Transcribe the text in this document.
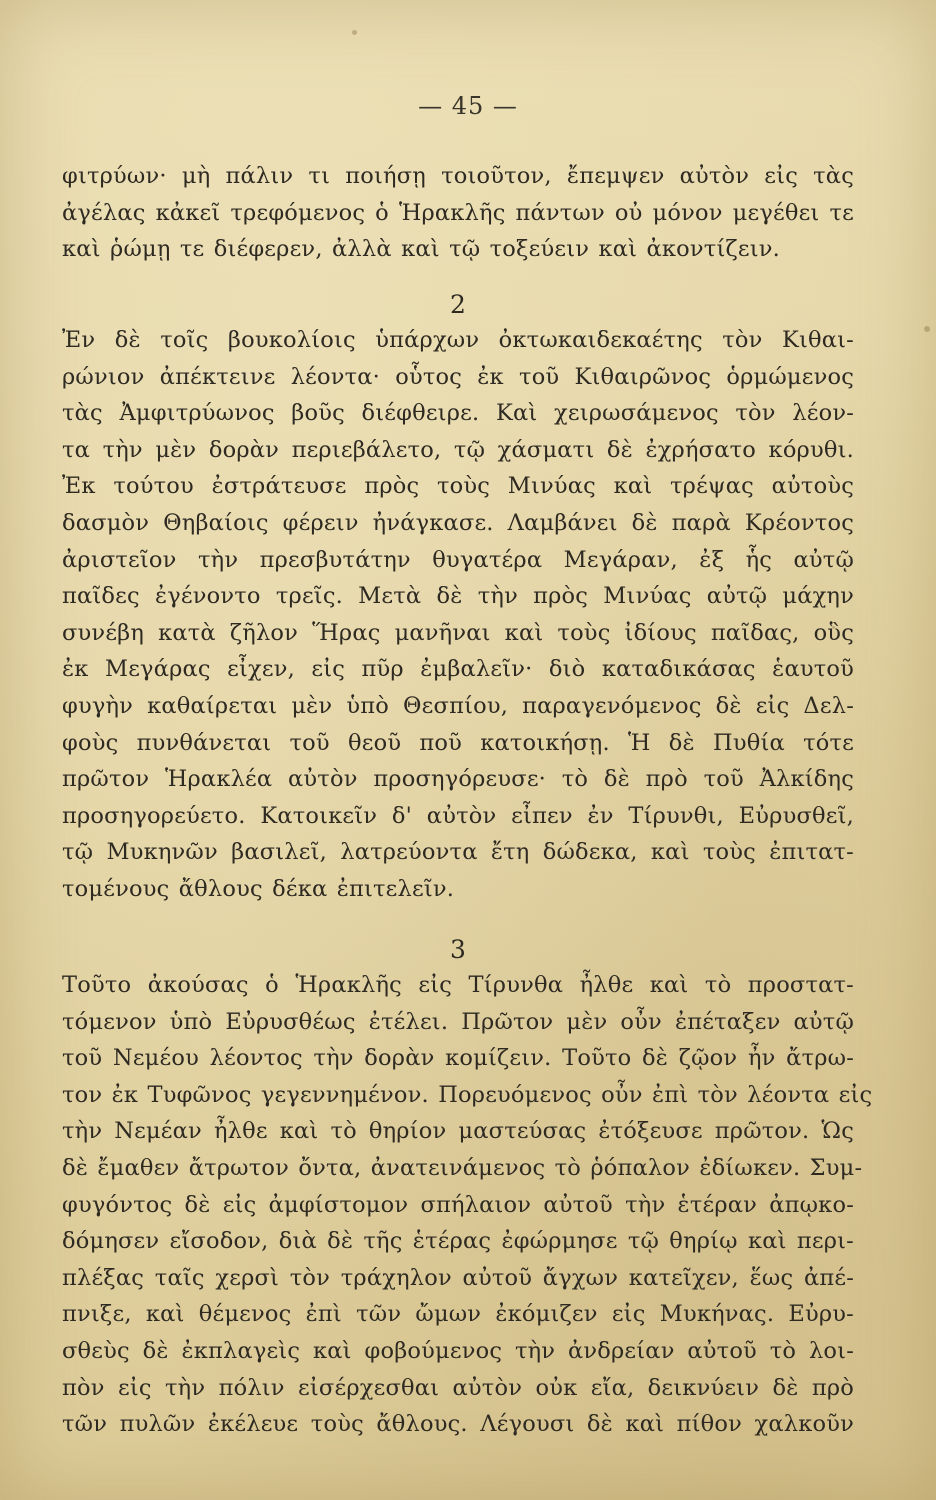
— 45 —
φιτρύων· μὴ πάλιν τι ποιήσῃ τοιοῦτον, ἔπεμψεν αὐτὸν εἰς τὰς
ἀγέλας κἀκεῖ τρεφόμενος ὁ Ἡρακλῆς πάντων οὐ μόνον μεγέθει τε
καὶ ῥώμῃ τε διέφερεν, ἀλλὰ καὶ τῷ τοξεύειν καὶ ἀκοντίζειν.
2
Ἐν δὲ τοῖς βουκολίοις ὑπάρχων ὀκτωκαιδεκαέτης τὸν Κιθαι-
ρώνιον ἀπέκτεινε λέοντα· οὗτος ἐκ τοῦ Κιθαιρῶνος ὁρμώμενος
τὰς Ἀμφιτρύωνος βοῦς διέφθειρε. Καὶ χειρωσάμενος τὸν λέον-
τα τὴν μὲν δορὰν περιεβάλετο, τῷ χάσματι δὲ ἐχρήσατο κόρυθι.
Ἐκ τούτου ἐστράτευσε πρὸς τοὺς Μινύας καὶ τρέψας αὐτοὺς
δασμὸν Θηβαίοις φέρειν ἠνάγκασε. Λαμβάνει δὲ παρὰ Κρέοντος
ἀριστεῖον τὴν πρεσβυτάτην θυγατέρα Μεγάραν, ἐξ ἧς αὐτῷ
παῖδες ἐγένοντο τρεῖς. Μετὰ δὲ τὴν πρὸς Μινύας αὐτῷ μάχην
συνέβη κατὰ ζῆλον Ἥρας μανῆναι καὶ τοὺς ἰδίους παῖδας, οὓς
ἐκ Μεγάρας εἶχεν, εἰς πῦρ ἐμβαλεῖν· διὸ καταδικάσας ἑαυτοῦ
φυγὴν καθαίρεται μὲν ὑπὸ Θεσπίου, παραγενόμενος δὲ εἰς Δελ-
φοὺς πυνθάνεται τοῦ θεοῦ ποῦ κατοικήσῃ. Ἡ δὲ Πυθία τότε
πρῶτον Ἡρακλέα αὐτὸν προσηγόρευσε· τὸ δὲ πρὸ τοῦ Ἀλκίδης
προσηγορεύετο. Κατοικεῖν δ' αὐτὸν εἶπεν ἐν Τίρυνθι, Εὐρυσθεῖ,
τῷ Μυκηνῶν βασιλεῖ, λατρεύοντα ἔτη δώδεκα, καὶ τοὺς ἐπιτατ-
τομένους ἄθλους δέκα ἐπιτελεῖν.
3
Τοῦτο ἀκούσας ὁ Ἡρακλῆς εἰς Τίρυνθα ἦλθε καὶ τὸ προστατ-
τόμενον ὑπὸ Εὐρυσθέως ἐτέλει. Πρῶτον μὲν οὖν ἐπέταξεν αὐτῷ
τοῦ Νεμέου λέοντος τὴν δορὰν κομίζειν. Τοῦτο δὲ ζῷον ἦν ἄτρω-
τον ἐκ Τυφῶνος γεγεννημένον. Πορευόμενος οὖν ἐπὶ τὸν λέοντα εἰς
τὴν Νεμέαν ἦλθε καὶ τὸ θηρίον μαστεύσας ἐτόξευσε πρῶτον. Ὡς
δὲ ἔμαθεν ἄτρωτον ὄντα, ἀνατεινάμενος τὸ ῥόπαλον ἐδίωκεν. Συμ-
φυγόντος δὲ εἰς ἀμφίστομον σπήλαιον αὐτοῦ τὴν ἑτέραν ἀπῳκο-
δόμησεν εἴσοδον, διὰ δὲ τῆς ἑτέρας ἐφώρμησε τῷ θηρίῳ καὶ περι-
πλέξας ταῖς χερσὶ τὸν τράχηλον αὐτοῦ ἄγχων κατεῖχεν, ἕως ἀπέ-
πνιξε, καὶ θέμενος ἐπὶ τῶν ὤμων ἐκόμιζεν εἰς Μυκήνας. Εὐρυ-
σθεὺς δὲ ἐκπλαγεὶς καὶ φοβούμενος τὴν ἀνδρείαν αὐτοῦ τὸ λοι-
πὸν εἰς τὴν πόλιν εἰσέρχεσθαι αὐτὸν οὐκ εἴα, δεικνύειν δὲ πρὸ
τῶν πυλῶν ἐκέλευε τοὺς ἄθλους. Λέγουσι δὲ καὶ πίθον χαλκοῦν
